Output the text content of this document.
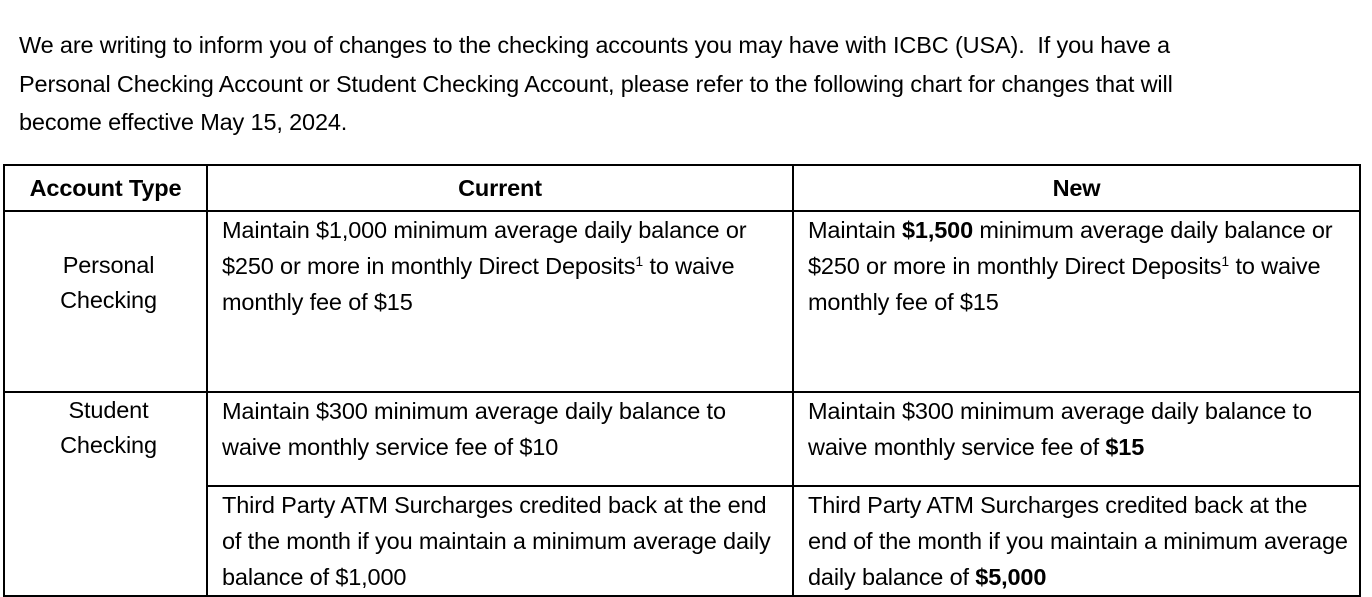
We are writing to inform you of changes to the checking accounts you may have with ICBC (USA).  If you have a
Personal Checking Account or Student Checking Account, please refer to the following chart for changes that will
become effective May 15, 2024.

Account Type	Current	New
Personal
Checking	Maintain $1,000 minimum average daily balance or $250 or more in monthly Direct Deposits$^1$ to waive monthly fee of $15	Maintain $1,500 minimum average daily balance or $250 or more in monthly Direct Deposits$^1$ to waive monthly fee of $15
Student
Checking	Maintain $300 minimum average daily balance to waive monthly service fee of $10	Maintain $300 minimum average daily balance to waive monthly service fee of $15
	Third Party ATM Surcharges credited back at the end of the month if you maintain a minimum average daily balance of $1,000	Third Party ATM Surcharges credited back at the end of the month if you maintain a minimum average daily balance of $5,000
